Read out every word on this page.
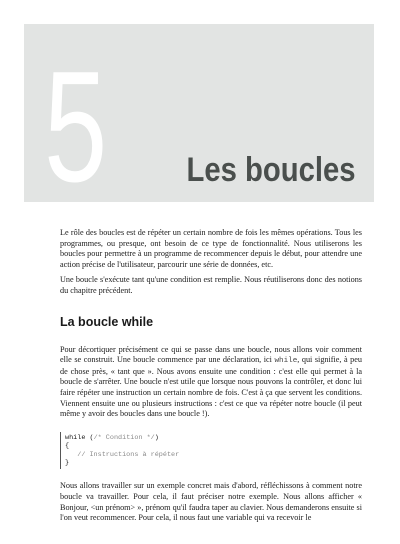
5 Les boucles

Le rôle des boucles est de répéter un certain nombre de fois les mêmes opérations. Tous les programmes, ou presque, ont besoin de ce type de fonctionnalité. Nous utiliserons les boucles pour permettre à un programme de recommencer depuis le début, pour attendre une action précise de l'utilisateur, parcourir une série de données, etc.

Une boucle s'exécute tant qu'une condition est remplie. Nous réutiliserons donc des notions du chapitre précédent.

La boucle while

Pour décortiquer précisément ce qui se passe dans une boucle, nous allons voir comment elle se construit. Une boucle commence par une déclaration, ici while, qui signifie, à peu de chose près, « tant que ». Nous avons ensuite une condition : c'est elle qui permet à la boucle de s'arrêter. Une boucle n'est utile que lorsque nous pouvons la contrôler, et donc lui faire répéter une instruction un certain nombre de fois. C'est à ça que servent les conditions. Viennent ensuite une ou plusieurs instructions : c'est ce que va répéter notre boucle (il peut même y avoir des boucles dans une boucle !).

while (/* Condition */)
{
// Instructions à répéter
}

Nous allons travailler sur un exemple concret mais d'abord, réfléchissons à comment notre boucle va travailler. Pour cela, il faut préciser notre exemple. Nous allons afficher « Bonjour, <un prénom> », prénom qu'il faudra taper au clavier. Nous demanderons ensuite si l'on veut recommencer. Pour cela, il nous faut une variable qui va recevoir le
